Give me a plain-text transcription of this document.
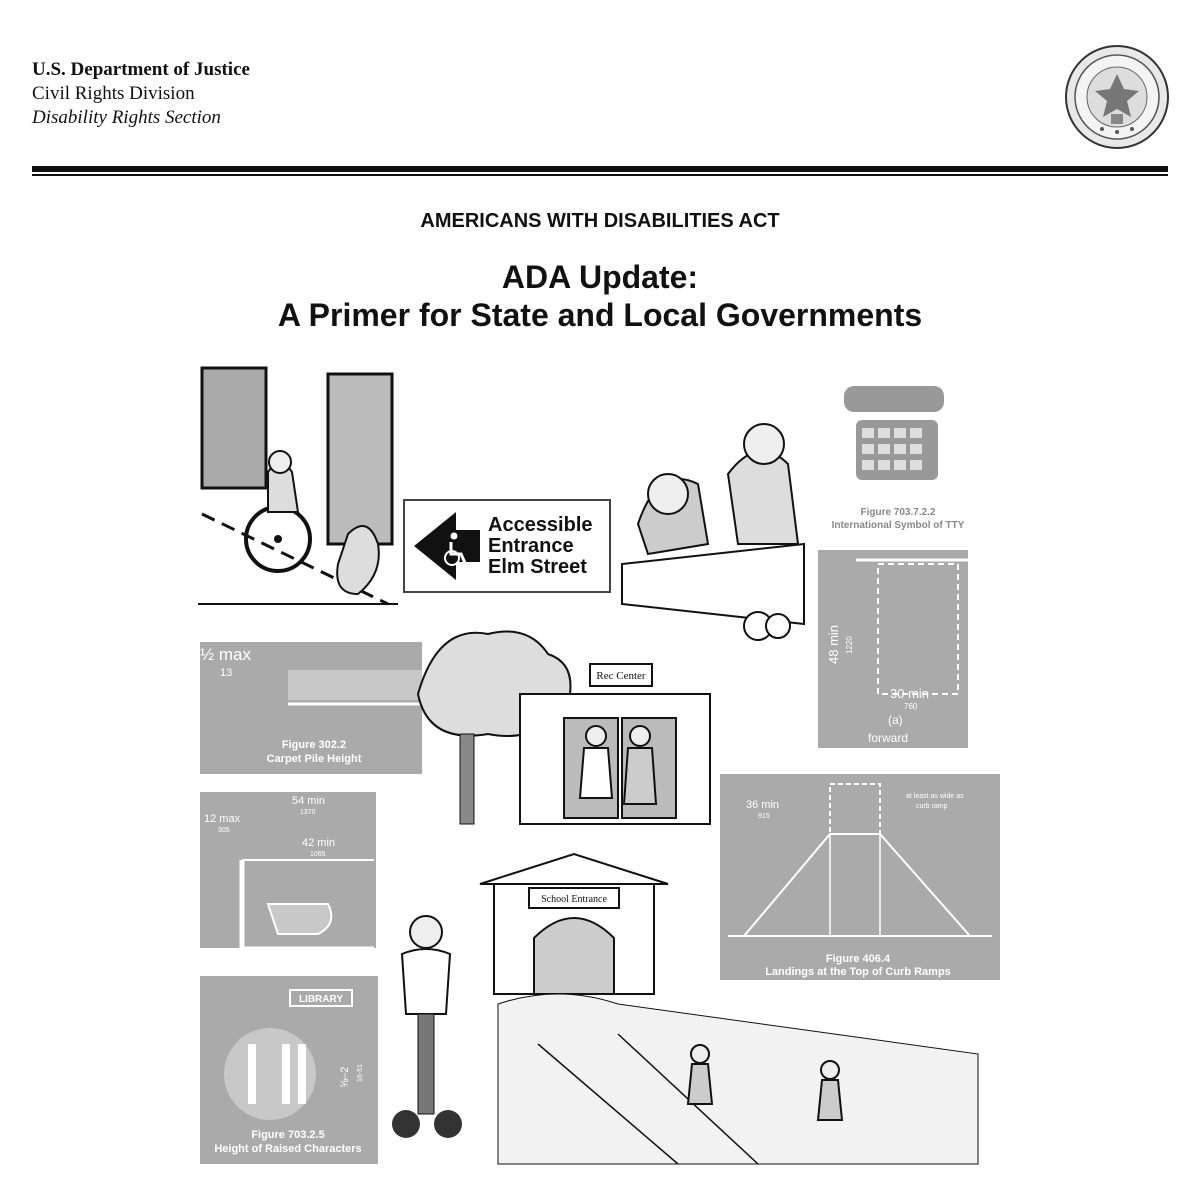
U.S. Department of Justice
Civil Rights Division
Disability Rights Section
AMERICANS WITH DISABILITIES ACT
ADA Update:
A Primer for State and Local Governments
Accessible
Entrance
Elm Street
Figure 703.7.2.2
International Symbol of TTY
48 min 1220
30 min
760
(a)
forward
½ max
13
Figure 302.2
Carpet Pile Height
Rec Center
54 min
1370
12 max
305
42 min
1065
36 min
915
at least as wide as
curb ramp
Figure 406.4
Landings at the Top of Curb Ramps
School Entrance
LIBRARY
⅝–2 16-51
Figure 703.2.5
Height of Raised Characters
